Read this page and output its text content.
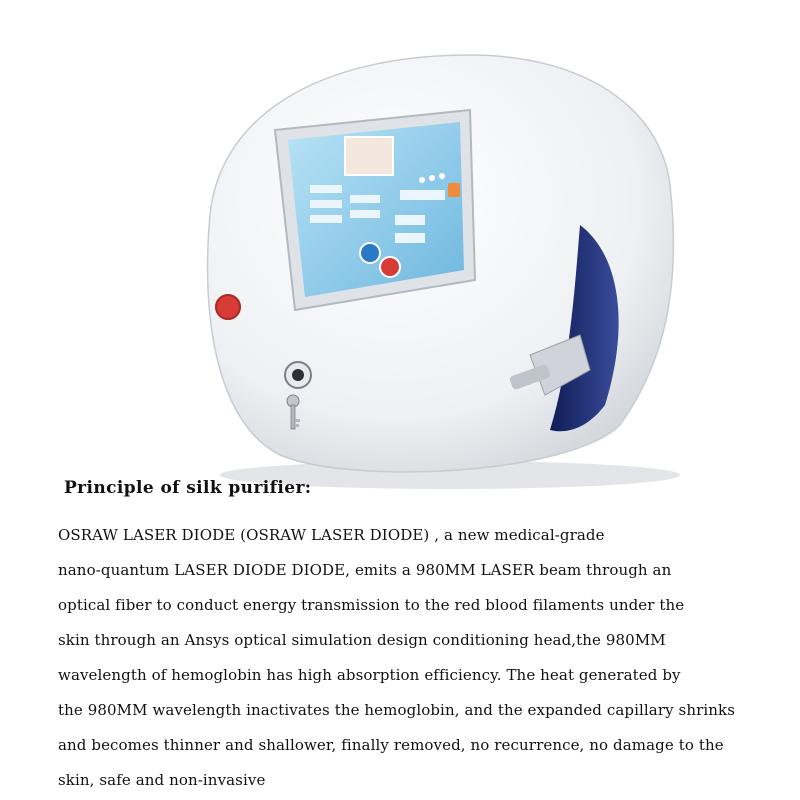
Principle of silk purifier:
OSRAW LASER DIODE (OSRAW LASER DIODE) , a new medical-grade
nano-quantum LASER DIODE DIODE, emits a 980MM LASER beam through an
optical fiber to conduct energy transmission to the red blood filaments under the
skin through an Ansys optical simulation design conditioning head,the 980MM
wavelength of hemoglobin has high absorption efficiency. The heat generated by
the 980MM wavelength inactivates the hemoglobin, and the expanded capillary shrinks
and becomes thinner and shallower, finally removed, no recurrence, no damage to the
skin, safe and non-invasive
